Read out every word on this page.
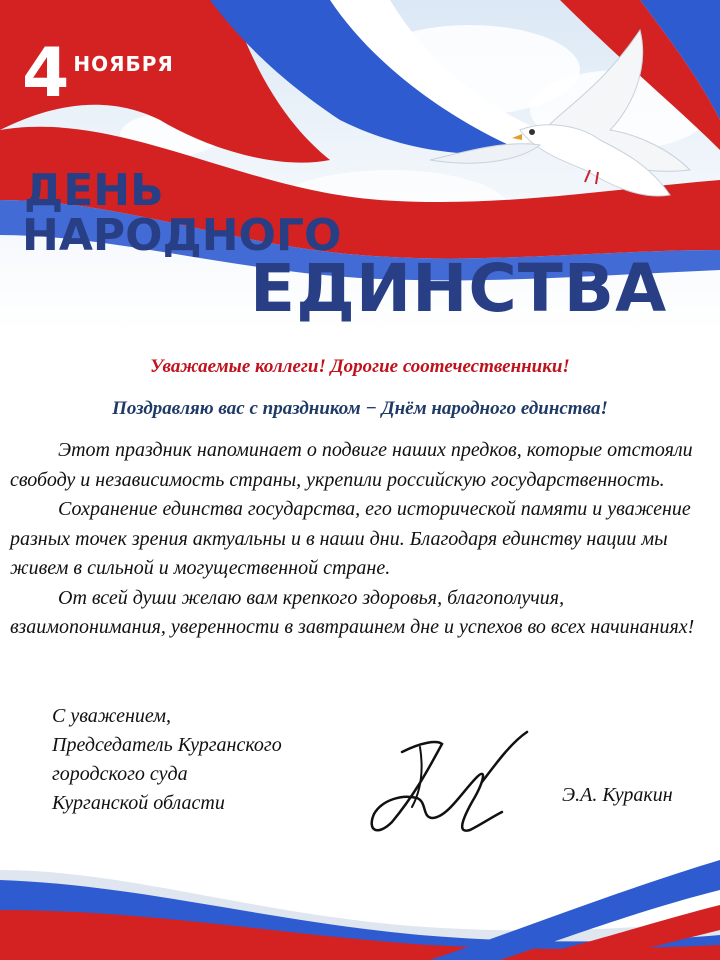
4 НОЯБРЯ
ДЕНЬ
НАРОДНОГО
ЕДИНСТВА
Уважаемые коллеги! Дорогие соотечественники!
Поздравляю вас с праздником − Днём народного единства!

Этот праздник напоминает о подвиге наших предков, которые отстояли свободу и независимость страны, укрепили российскую государственность.

Сохранение единства государства, его исторической памяти и уважение разных точек зрения актуальны и в наши дни. Благодаря единству нации мы живем в сильной и могущественной стране.

От всей души желаю вам крепкого здоровья, благополучия, взаимопонимания, уверенности в завтрашнем дне и успехов во всех начинаниях!

С уважением,
Председатель Курганского
городского суда
Курганской области	Э.А. Куракин
